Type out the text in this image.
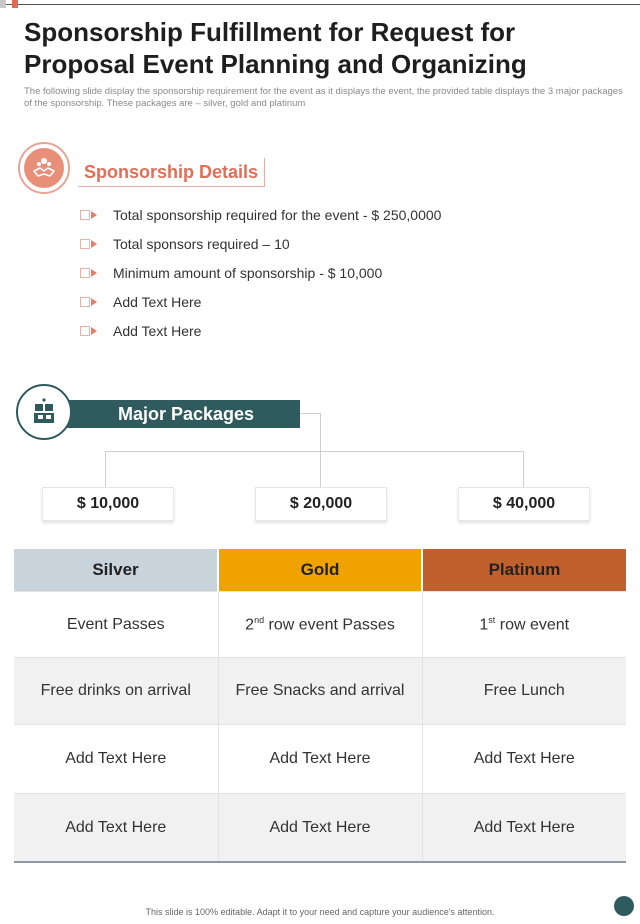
Sponsorship Fulfillment for Request for Proposal Event Planning and Organizing

The following slide display the sponsorship requirement for the event as it displays the event, the provided table displays the 3 major packages of the sponsorship. These packages are – silver, gold and platinum

Sponsorship Details
Total sponsorship required for the event - $ 250,0000
Total sponsors required – 10
Minimum amount of sponsorship - $ 10,000
Add Text Here
Add Text Here
Major Packages
$ 10,000	$ 20,000	$ 40,000
Silver	Gold	Platinum
Event Passes	2nd row event Passes	1st row event
Free drinks on arrival	Free Snacks and arrival	Free Lunch
Add Text Here	Add Text Here	Add Text Here
Add Text Here	Add Text Here	Add Text Here
This slide is 100% editable. Adapt it to your need and capture your audience's attention.
